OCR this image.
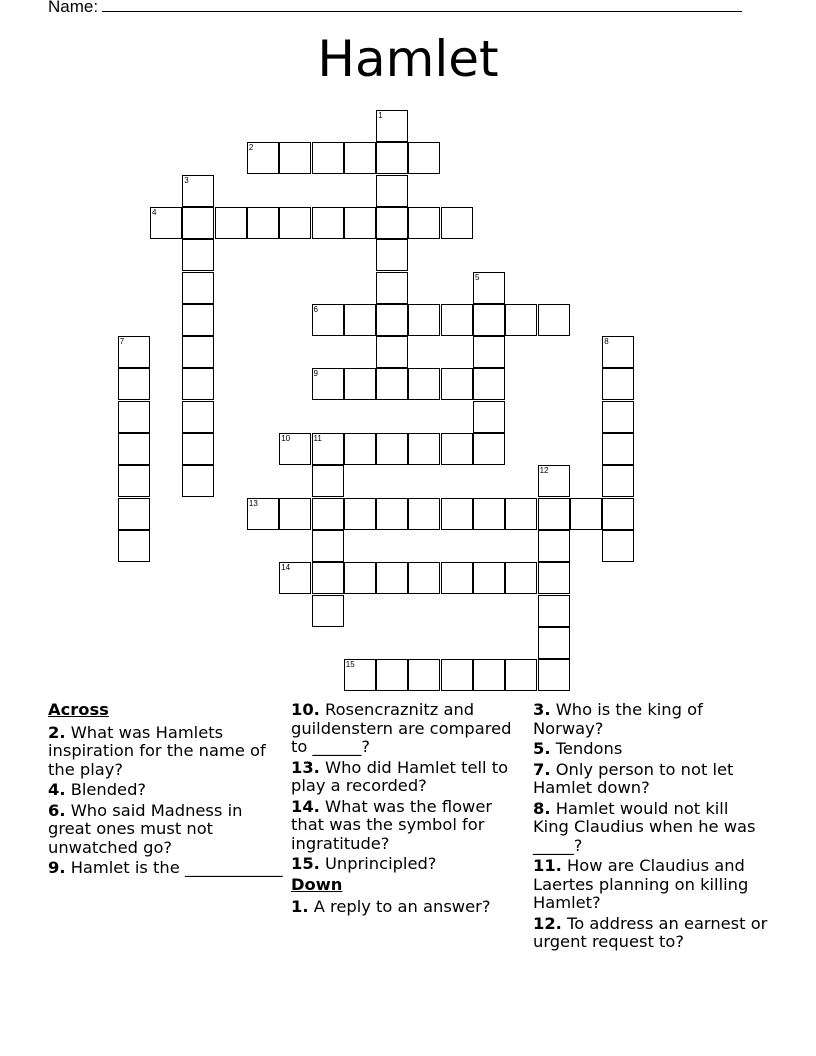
Name:
Hamlet
1
2
3
4
5
6
7	8
9
10	11
12
13
14
15
Across
2. What was Hamlets inspiration for the name of the play?
4. Blended?
6. Who said Madness in great ones must not unwatched go?
9. Hamlet is the ____________
10. Rosencraznitz and guildenstern are compared to ______?
13. Who did Hamlet tell to play a recorded?
14. What was the flower that was the symbol for ingratitude?
15. Unprincipled?
Down
1. A reply to an answer?
3. Who is the king of Norway?
5. Tendons
7. Only person to not let Hamlet down?
8. Hamlet would not kill King Claudius when he was _____?
11. How are Claudius and Laertes planning on killing Hamlet?
12. To address an earnest or urgent request to?
